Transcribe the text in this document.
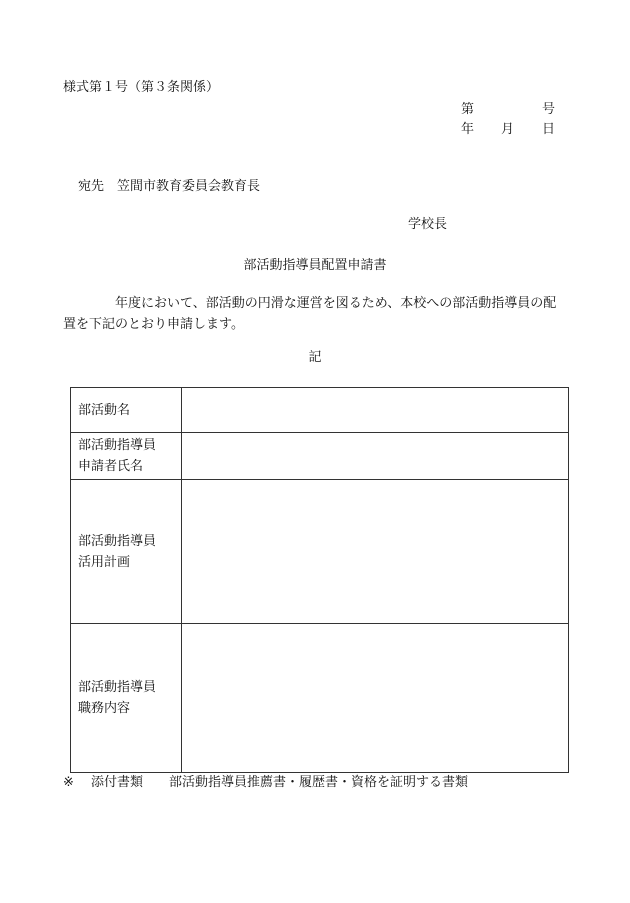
様式第１号（第３条関係）
第	号
年 月 日
宛先 笠間市教育委員会教育長
学校長
部活動指導員配置申請書
年度において、部活動の円滑な運営を図るため、本校への部活動指導員の配
置を下記のとおり申請します。
記
部活動名	

部活動指導員
申請者氏名	

部活動指導員
活用計画	

部活動指導員
職務内容	

※ 添付書類 部活動指導員推薦書・履歴書・資格を証明する書類
